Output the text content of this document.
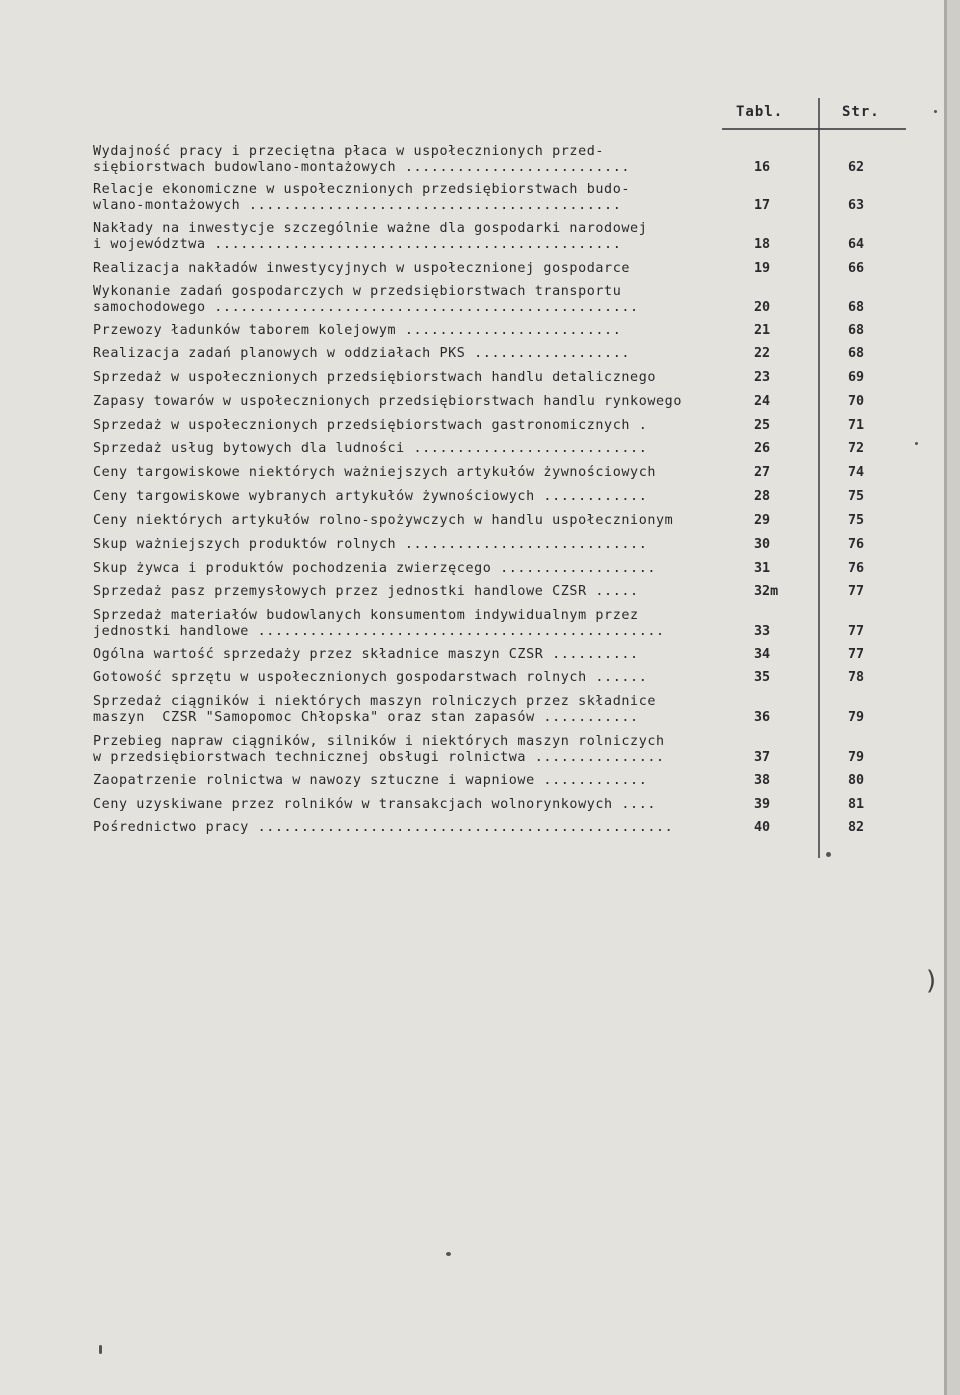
Tabl.	Str.
Wydajność pracy i przeciętna płaca w uspołecznionych przed-
siębiorstwach budowlano-montażowych ..........................	16	62
Relacje ekonomiczne w uspołecznionych przedsiębiorstwach budo-
wlano-montażowych ...........................................	17	63
Nakłady na inwestycje szczególnie ważne dla gospodarki narodowej
i województwa ...............................................	18	64
Realizacja nakładów inwestycyjnych w uspołecznionej gospodarce	19	66
Wykonanie zadań gospodarczych w przedsiębiorstwach transportu
samochodowego .................................................	20	68
Przewozy ładunków taborem kolejowym .........................	21	68
Realizacja zadań planowych w oddziałach PKS ..................	22	68
Sprzedaż w uspołecznionych przedsiębiorstwach handlu detalicznego	23	69
Zapasy towarów w uspołecznionych przedsiębiorstwach handlu rynkowego	24	70
Sprzedaż w uspołecznionych przedsiębiorstwach gastronomicznych .	25	71
Sprzedaż usług bytowych dla ludności ...........................	26	72
Ceny targowiskowe niektórych ważniejszych artykułów żywnościowych	27	74
Ceny targowiskowe wybranych artykułów żywnościowych ............	28	75
Ceny niektórych artykułów rolno-spożywczych w handlu uspołecznionym	29	75
Skup ważniejszych produktów rolnych ............................	30	76
Skup żywca i produktów pochodzenia zwierzęcego ..................	31	76
Sprzedaż pasz przemysłowych przez jednostki handlowe CZSR .....	32m	77
Sprzedaż materiałów budowlanych konsumentom indywidualnym przez
jednostki handlowe ...............................................	33	77
Ogólna wartość sprzedaży przez składnice maszyn CZSR ..........	34	77
Gotowość sprzętu w uspołecznionych gospodarstwach rolnych ......	35	78
Sprzedaż ciągników i niektórych maszyn rolniczych przez składnice
maszyn  CZSR "Samopomoc Chłopska" oraz stan zapasów ...........	36	79
Przebieg napraw ciągników, silników i niektórych maszyn rolniczych
w przedsiębiorstwach technicznej obsługi rolnictwa ...............	37	79
Zaopatrzenie rolnictwa w nawozy sztuczne i wapniowe ............	38	80
Ceny uzyskiwane przez rolników w transakcjach wolnorynkowych ....	39	81
Pośrednictwo pracy ................................................	40	82
)
